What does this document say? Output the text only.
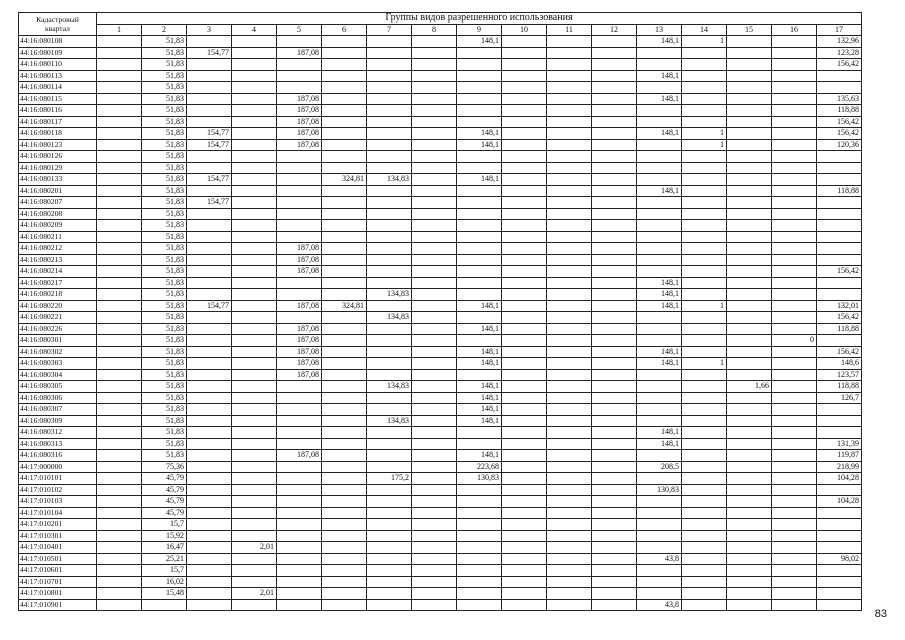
Кадастровый
квартал	Группы видов разрешенного использования																
	1	2	3	4	5	6	7	8	9	10	11	12	13	14	15	16	17
44:16:080108		51,83							148,1				148,1	1			132,96
44:16:080109		51,83	154,77		187,08												123,28
44:16:080110		51,83															156,42
44:16:080113		51,83											148,1				
44:16:080114		51,83															
44:16:080115		51,83			187,08								148,1				135,63
44:16:080116		51,83			187,08												118,88
44:16:080117		51,83			187,08												156,42
44:16:080118		51,83	154,77		187,08				148,1				148,1	1			156,42
44:16:080123		51,83	154,77		187,08				148,1					1			120,36
44:16:080126		51,83															
44:16:080129		51,83															
44:16:080133		51,83	154,77			324,81	134,83		148,1								
44:16:080201		51,83											148,1				118,88
44:16:080207		51,83	154,77														
44:16:080208		51,83															
44:16:080209		51,83															
44:16:080211		51,83															
44:16:080212		51,83			187,08												
44:16:080213		51,83			187,08												
44:16:080214		51,83			187,08												156,42
44:16:080217		51,83											148,1				
44:16:080218		51,83					134,83						148,1				
44:16:080220		51,83	154,77		187,08	324,81			148,1				148,1	1			132,01
44:16:080221		51,83					134,83										156,42
44:16:080226		51,83			187,08				148,1								118,88
44:16:080301		51,83			187,08											0	
44:16:080302		51,83			187,08				148,1				148,1				156,42
44:16:080303		51,83			187,08				148,1				148,1	1			148,6
44:16:080304		51,83			187,08												123,57
44:16:080305		51,83					134,83		148,1						1,66		118,88
44:16:080306		51,83							148,1								126,7
44:16:080307		51,83							148,1								
44:16:080309		51,83					134,83		148,1								
44:16:080312		51,83											148,1				
44:16:080313		51,83											148,1				131,39
44:16:080316		51,83			187,08				148,1								119,87
44:17:000000		75,36							223,68				208,5				218,99
44:17:010101		45,79					175,2		130,83								104,28
44:17:010102		45,79											130,83				
44:17:010103		45,79															104,28
44:17:010104		45,79															
44:17:010201		15,7															
44:17:010301		15,92															
44:17:010401		16,47		2,01													
44:17:010501		25,21											43,8				98,02
44:17:010601		15,7															
44:17:010701		16,02															
44:17:010801		15,48		2,01													
44:17:010901													43,8				
83
